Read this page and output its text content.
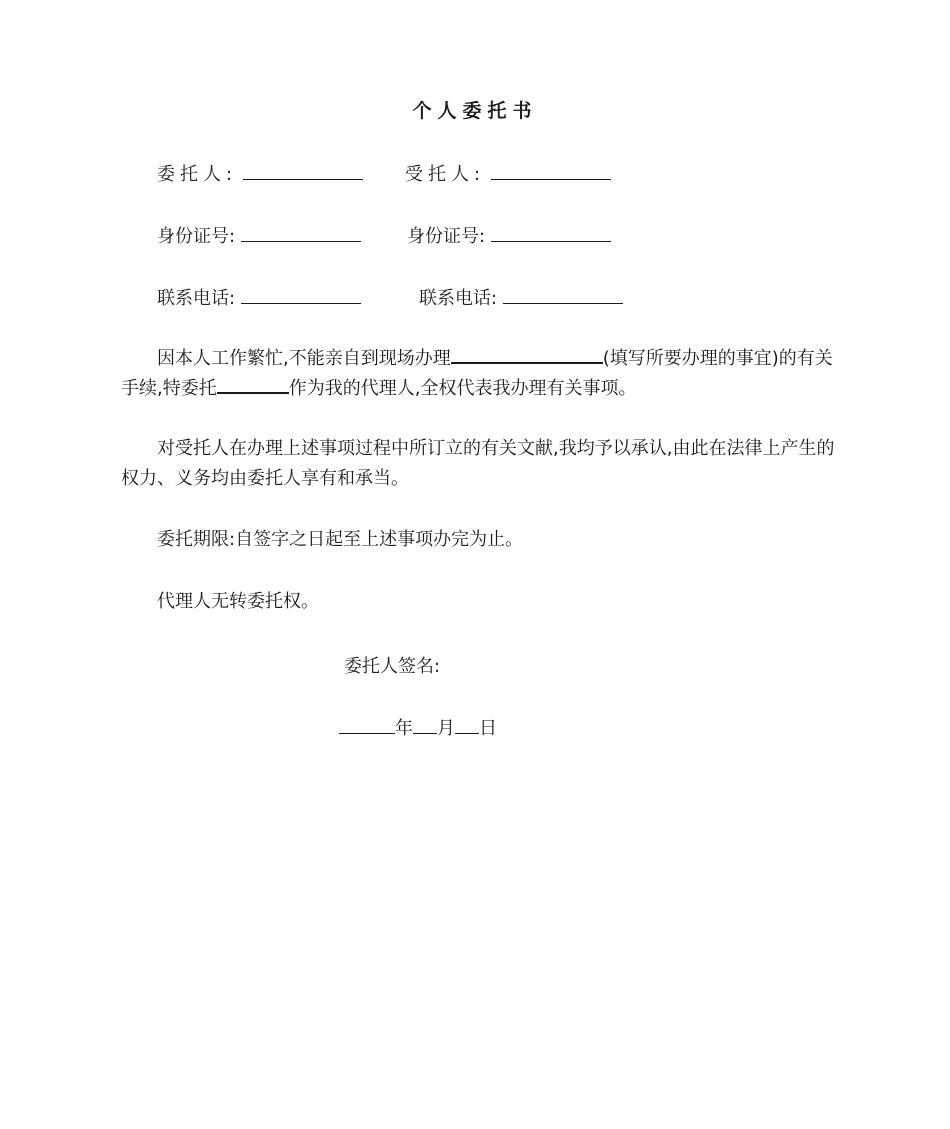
个人委托书
委托人:	受托人:
身份证号:	身份证号:
联系电话:	联系电话:
因本人工作繁忙,不能亲自到现场办理	(填写所要办理的事宜)的有关手续,特委托	作为我的代理人,全权代表我办理有关事项。
对受托人在办理上述事项过程中所订立的有关文献,我均予以承认,由此在法律上产生的权力、义务均由委托人享有和承当。
委托期限:自签字之日起至上述事项办完为止。
代理人无转委托权。
委托人签名:
年 月 日
